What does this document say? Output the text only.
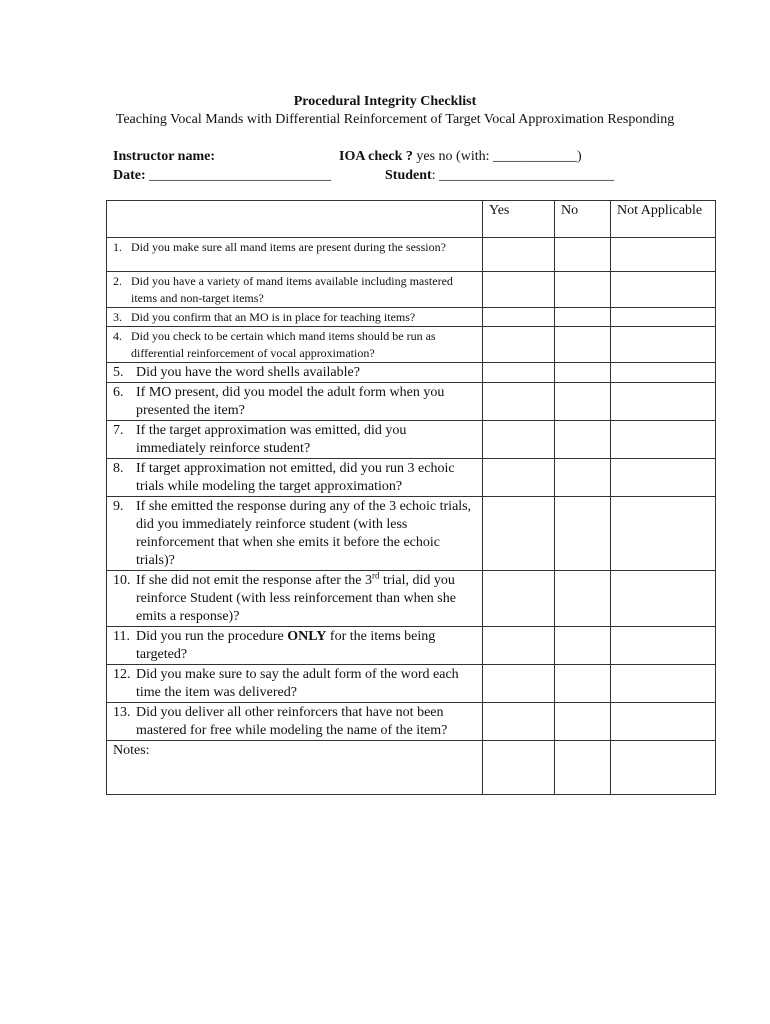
Procedural Integrity Checklist
Teaching Vocal Mands with Differential Reinforcement of Target Vocal Approximation Responding
Instructor name:	IOA check ? yes no (with: ____________)
Date: __________________________	Student: _________________________
	Yes	No	Not Applicable

1. Did you make sure all mand items are present during the session?			

2. Did you have a variety of mand items available including mastered items and non-target items?			

3. Did you confirm that an MO is in place for teaching items?			

4. Did you check to be certain which mand items should be run as differential reinforcement of vocal approximation?			

5. Did you have the word shells available?			

6. If MO present, did you model the adult form when you presented the item?			

7. If the target approximation was emitted, did you immediately reinforce student?			

8. If target approximation not emitted, did you run 3 echoic trials while modeling the target approximation?			

9. If she emitted the response during any of the 3 echoic trials, did you immediately reinforce student (with less reinforcement that when she emits it before the echoic trials)?			

10. If she did not emit the response after the 3rd trial, did you reinforce Student (with less reinforcement than when she emits a response)?			

11. Did you run the procedure ONLY for the items being targeted?			

12. Did you make sure to say the adult form of the word each time the item was delivered?			

13. Did you deliver all other reinforcers that have not been mastered for free while modeling the name of the item?			

Notes:			
